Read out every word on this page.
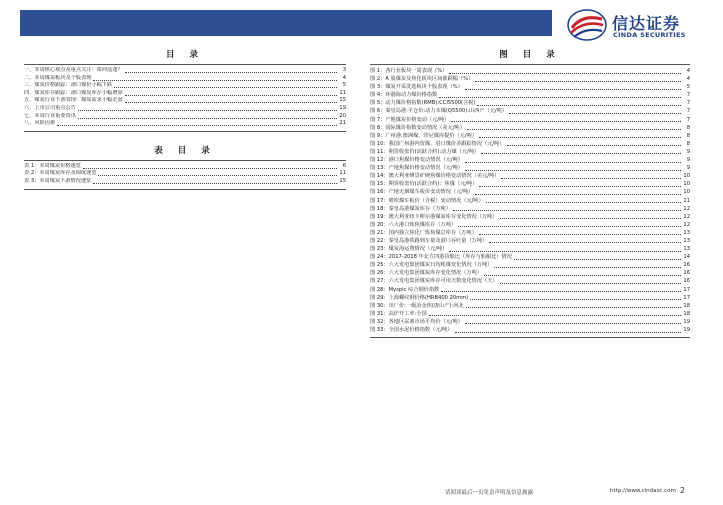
信达证券
CINDA SECURITIES
目 录
一、本周核心观点及重点关注：课何适逢？	3
二、本周煤炭板块及个股表现	4
三、煤炭价格跟踪：港口煤价小幅下跌	5
四、煤炭库存跟踪：港口煤炭库存小幅增加	11
五、煤炭行业下游表现：煤炭需求小幅走弱	15
六、上市公司重点公告	19
七、本周行业重要资讯	20
八、风险因素	21
表 目 录
表 1：本周煤炭价格速览	6
表 2：本周煤炭库存及调度速览	11
表 3：本周煤炭下游情况速览	15
图 目 录
图 1：各行业板块一周表现（%）	4
图 2：A 股煤炭及焦化板块区间涨跌幅（%）	4
图 3：煤炭开采洗选板块个股表现（%）	5
图 4：环渤海动力煤价格指数	7
图 5：动力煤价格指数(RMB):CCI5500(含税)	7
图 6：秦皇岛港:平仓价:动力末煤(Q5500):山西产（元/吨）	7
图 7：产地煤炭价格变动（元/吨）	7
图 8：国际煤价指数变动情况（美元/吨）	8
图 9：广州港:澳洲煤、印尼煤库提价（元/吨）	8
图 10：我国广州港内贸煤、进口煤价差跟踪情况（元/吨）	8
图 11：期货收盘价(活跃合约):动力煤（元/吨）	9
图 12：港口焦煤价格变动情况（元/吨）	9
图 13：产地焦煤价格变动情况（元/吨）	9
图 14：澳大利亚峰景矿硬焦煤价格变动情况（美元/吨）	10
图 15：期货收盘价(活跃合约)：焦煤（元/吨）	10
图 16：产地无烟煤车板价变动情况（元/吨）	10
图 17：喷吹煤车板价（含税）变动情况（元/吨）	11
图 18：秦皇岛港煤炭库存（万吨）	12
图 19：澳大利亚纽卡斯尔港煤炭库存变化情况（万吨）	12
图 20：六大港口炼焦煤库存（万吨）	12
图 21：国内独立焦化厂炼焦煤总库存（万吨）	13
图 22：秦皇岛港铁路到车量及港口吞吐量（万吨）	13
图 23：煤炭海运费情况（元/吨）	13
图 24：2017-2018 年北方四港货船比（库存与船舶比）情况	14
图 25：六大发电集团煤炭日均耗煤变化情况（万吨）	16
图 26：六大发电集团煤炭库存变化情况（万吨）	16
图 27：六大发电集团煤炭库存可用天数变化情况（天）	16
图 28：Myspic 综合钢价指数	17
图 29：上海螺纹钢价格(HRB400 20mm)	17
图 30：出厂价:一级冶金焦(唐山产):河北	18
图 31：高炉开工率:全国	18
图 32：各地区尿素市场平均价（元/吨）	19
图 33：全国水泥价格指数（元/吨）	19
请阅读最后一页免责声明及信息披露	http://www.cindasc.com 2
